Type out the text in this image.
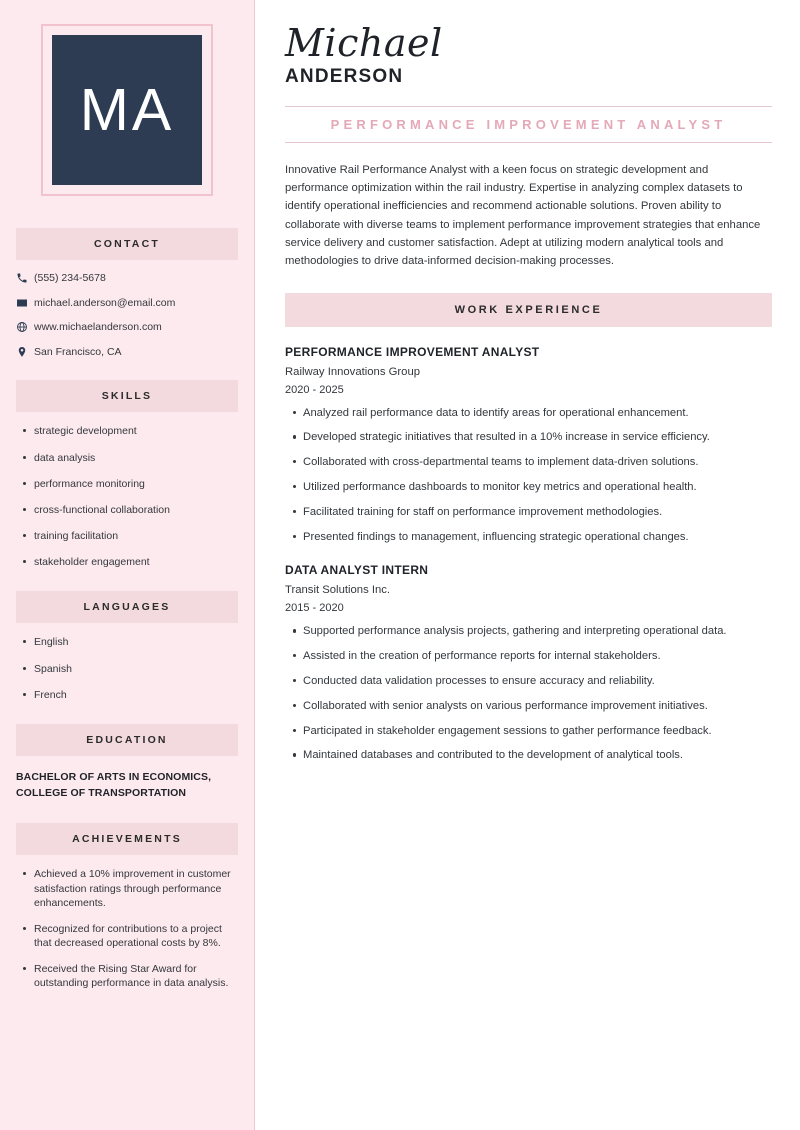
MA
CONTACT
(555) 234-5678
michael.anderson@email.com
www.michaelanderson.com
San Francisco, CA
SKILLS
strategic development
data analysis
performance monitoring
cross-functional collaboration
training facilitation
stakeholder engagement
LANGUAGES
English
Spanish
French
EDUCATION
BACHELOR OF ARTS IN ECONOMICS, COLLEGE OF TRANSPORTATION
ACHIEVEMENTS
Achieved a 10% improvement in customer satisfaction ratings through performance enhancements.
Recognized for contributions to a project that decreased operational costs by 8%.
Received the Rising Star Award for outstanding performance in data analysis.
Michael
ANDERSON
PERFORMANCE IMPROVEMENT ANALYST

Innovative Rail Performance Analyst with a keen focus on strategic development and performance optimization within the rail industry. Expertise in analyzing complex datasets to identify operational inefficiencies and recommend actionable solutions. Proven ability to collaborate with diverse teams to implement performance improvement strategies that enhance service delivery and customer satisfaction. Adept at utilizing modern analytical tools and methodologies to drive data-informed decision-making processes.

WORK EXPERIENCE
PERFORMANCE IMPROVEMENT ANALYST
Railway Innovations Group
2020 - 2025
Analyzed rail performance data to identify areas for operational enhancement.
Developed strategic initiatives that resulted in a 10% increase in service efficiency.
Collaborated with cross-departmental teams to implement data-driven solutions.
Utilized performance dashboards to monitor key metrics and operational health.
Facilitated training for staff on performance improvement methodologies.
Presented findings to management, influencing strategic operational changes.
DATA ANALYST INTERN
Transit Solutions Inc.
2015 - 2020
Supported performance analysis projects, gathering and interpreting operational data.
Assisted in the creation of performance reports for internal stakeholders.
Conducted data validation processes to ensure accuracy and reliability.
Collaborated with senior analysts on various performance improvement initiatives.
Participated in stakeholder engagement sessions to gather performance feedback.
Maintained databases and contributed to the development of analytical tools.
